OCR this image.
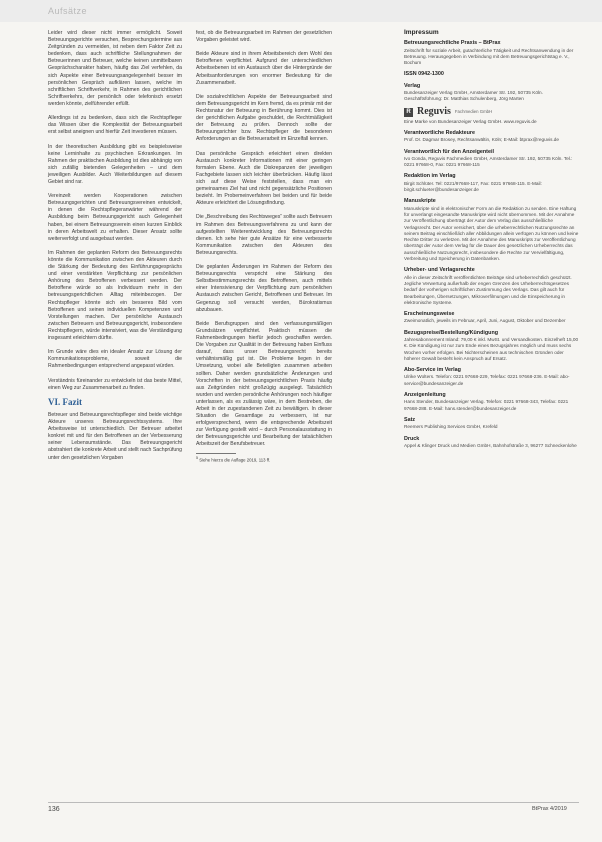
Aufsätze

Leider wird dieser nicht immer ermöglicht. Soweit Betreuungsgerichte versuchen, Besprechungstermine aus Zeitgründen zu vermeiden, ist neben dem Faktor Zeit zu bedenken, dass auch schriftliche Stellungnahmen der Betreuerinnen und Betreuer, welche keinen unmittelbaren Gesprächscharakter haben, häufig das Ziel verfehlen, da sich Aspekte einer Betreuungsangelegenheit besser im persönlichen Gespräch aufklären lassen, welche im schriftlichen Schriftverkehr, in Rahmen des gerichtlichen Schriftverkehrs, der persönlich oder telefonisch ersetzt werden könnte, zielführender erfüllt.

Allerdings ist zu bedenken, dass sich die Rechtspfleger das Wissen über die Komplexität der Betreuungsarbeit erst selbst aneignen und hierfür Zeit investieren müssen.

In der theoretischen Ausbildung gibt es beispielsweise keine Lerninhalte zu psychischen Erkrankungen. Im Rahmen der praktischen Ausbildung ist dies abhängig von sich zufällig bietenden Gelegenheiten – und dem jeweiligen Ausbilder. Auch Weiterbildungen auf diesem Gebiet sind rar.

Vereinzelt werden Kooperationen zwischen Betreuungsgerichten und Betreuungsvereinen entwickelt, in denen die Rechtspflegeranwärter während der Ausbildung beim Betreuungsgericht auch Gelegenheit haben, bei einem Betreuungsverein einen kurzen Einblick in deren Arbeitswelt zu erhalten. Dieser Ansatz sollte weiterverfolgt und ausgebaut werden.

Im Rahmen der geplanten Reform des Betreuungsrechts könnte die Kommunikation zwischen den Akteuren durch die Stärkung der Bedeutung des Einführungsgesprächs und einer verstärkten Verpflichtung zur persönlichen Anhörung des Betroffenen verbessert werden. Der Betroffene würde so als Individuum mehr in den betreuungsgerichtlichen Alltag miteinbezogen. Der Rechtspfleger könnte sich ein besseres Bild vom Betroffenen und seinen individuellen Kompetenzen und Vorstellungen machen. Der persönliche Austausch zwischen Betreuern und Betreuungsgericht, insbesondere Rechtspflegern, würde intensiviert, was die Verständigung insgesamt erleichtern dürfte.

Im Grunde wäre dies ein idealer Ansatz zur Lösung der Kommunikationsprobleme, soweit die Rahmenbedingungen entsprechend angepasst würden.

Verständnis füreinander zu entwickeln ist das beste Mittel, einen Weg zur Zusammenarbeit zu finden.

VI. Fazit

Betreuer und Betreuungsrechtspfleger sind beide wichtige Akteure unseres Betreuungsrechtssystems. Ihre Arbeitsweise ist unterschiedlich. Der Betreuer arbeitet konkret mit und für den Betroffenen an der Verbesserung seiner Lebensumstände. Das Betreuungsgericht abstrahiert die konkrete Arbeit und stellt nach Sachprüfung unter den gesetzlichen Vorgaben

fest, ob die Betreuungsarbeit im Rahmen der gesetzlichen Vorgaben geleistet wird.

Beide Akteure sind in ihrem Arbeitsbereich dem Wohl des Betroffenen verpflichtet. Aufgrund der unterschiedlichen Arbeitsebenen ist ein Austausch über die Hintergründe der Arbeitsanforderungen von enormer Bedeutung für die Zusammenarbeit.

Die sozialrechtlichen Aspekte der Betreuungsarbeit sind dem Betreuungsgericht im Kern fremd, da es primär mit der Rechtsnatur der Betreuung in Berührung kommt. Dies ist der gerichtlichen Aufgabe geschuldet, die Rechtmäßigkeit der Betreuung zu prüfen. Dennoch sollte der Betreuungsrichter bzw. Rechtspfleger die besonderen Anforderungen an die Betreuerarbeit im Einzelfall kennen.

Das persönliche Gespräch erleichtert einen direkten Austausch konkreter Informationen mit einer geringen formalen Ebene. Auch die Diskrepanzen der jeweiligen Fachgebiete lassen sich leichter überbrücken. Häufig lässt sich auf diese Weise feststellen, dass man ein gemeinsames Ziel hat und nicht gegensätzliche Positionen bezieht. Im Probemeinverfahren bei beiden und für beide Akteure erleichtert die Lösungsfindung.

Die „Beschreibung des Rechtsweges“ sollte auch Betreuern im Rahmen des Betreuungsverfahrens zu und kann der aufgestellten Weiterentwicklung des Betreuungsrechts dienen. Ich sehe hier gute Ansätze für eine verbesserte Kommunikation zwischen den Akteuren des Betreuungsrechts.

Die geplanten Änderungen im Rahmen der Reform des Betreuungsrechts verspricht eine Stärkung des Selbstbestimmungsrechts des Betroffenen, auch mittels einer Intensivierung der Verpflichtung zum persönlichen Austausch zwischen Gericht, Betroffenen und Betreuer. Im Gegenzug soll versucht werden, Bürokratismus abzubauen.

Beide Berufsgruppen sind den verfassungsmäßigen Grundsätzen verpflichtet. Praktisch müssen die Rahmenbedingungen hierfür jedoch geschaffen werden. Die Vorgaben zur Qualität in der Betreuung haben Einfluss darauf, dass unser Betreuungsrecht bereits verhältnismäßig gut ist. Die Probleme liegen in der Umsetzung, wobei alle Beteiligten zusammen arbeiten sollten. Daher werden grundsätzliche Änderungen und Vorschriften in der betreuungsgerichtlichen Praxis häufig aus Zeitgründen nicht großzügig ausgelegt. Tatsächlich wurden und werden persönliche Anhörungen noch häufiger unterlassen, als es zulässig wäre, in dem Bestreben, die Arbeit in der zugestandenen Zeit zu bewältigen. In dieser Situation die Gesamtlage zu verbessern, ist nur erfolgversprechend, wenn die entsprechende Arbeitszeit zur Verfügung gestellt wird – durch Personalausstattung in der Betreuungsgerichte und Bearbeitung der tatsächlichen Arbeitszeit der Berufsbetreuer.

$^5$ Siehe hierzu die Auflage 2019, 113 ff.
Impressum
Betreuungsrechtliche Praxis – BtPrax
Zeitschrift für soziale Arbeit, gutachterliche Tätigkeit und Rechtsanwendung in der Betreuung. Herausgegeben in Verbindung mit dem Betreuungsgerichtstag e. V., Bochum
ISSN 0942-1300
Verlag
Bundesanzeiger Verlag GmbH, Amsterdamer Str. 192, 50735 Köln. Geschäftsführung: Dr. Matthias Schulenberg, Jörg Marten
R Reguvis Fachmedien GmbH
Eine Marke von Bundesanzeiger Verlag GmbH. www.reguvis.de
Verantwortliche Redakteure
Prof. Dr. Dagmar Brosey, Rechtsanwältin, Köln; E-Mail: btprax@reguvis.de
Verantwortlich für den Anzeigenteil
Ivo Gonda, Reguvis Fachmedien GmbH, Amsterdamer Str. 192, 50735 Köln. Tel.: 0221 97668-0, Fax: 0221 97668-115
Redaktion im Verlag
Birgit Schlüter. Tel: 0221/97668-117, Fax: 0221 97668-115. E-Mail: birgit.schlueter@bundesanzeiger.de
Manuskripte
Manuskripte sind in elektronischer Form an die Redaktion zu senden. Eine Haftung für unverlangt eingesandte Manuskripte wird nicht übernommen. Mit der Annahme zur Veröffentlichung überträgt der Autor dem Verlag das ausschließliche Verlagsrecht. Der Autor versichert, über die urheberrechtlichen Nutzungsrechte an seinem Beitrag einschließlich aller Abbildungen allein verfügen zu können und keine Rechte Dritter zu verletzen. Mit der Annahme des Manuskripts zur Veröffentlichung überträgt der Autor dem Verlag für die Dauer des gesetzlichen Urheberrechts das ausschließliche Nutzungsrecht, insbesondere die Rechte zur Vervielfältigung, Verbreitung und Speicherung in Datenbanken.
Urheber- und Verlagsrechte
Alle in dieser Zeitschrift veröffentlichten Beiträge sind urheberrechtlich geschützt. Jegliche Verwertung außerhalb der engen Grenzen des Urheberrechtsgesetzes bedarf der vorherigen schriftlichen Zustimmung des Verlags. Das gilt auch für Bearbeitungen, Übersetzungen, Mikroverfilmungen und die Einspeicherung in elektronische Systeme.
Erscheinungsweise
Zweimonatlich, jeweils im Februar, April, Juni, August, Oktober und Dezember
Bezugspreise/Bestellung/Kündigung
Jahresabonnement Inland: 79,00 € inkl. MwSt. und Versandkosten. Einzelheft 15,00 €. Die Kündigung ist nur zum Ende eines Bezugsjahres möglich und muss sechs Wochen vorher erfolgen. Bei Nichterscheinen aus technischen Gründen oder höherer Gewalt besteht kein Anspruch auf Ersatz.
Abo-Service im Verlag
Ulrike Wolters. Telefon: 0221 97668-229, Telefax: 0221 97668-236. E-Mail: abo-service@bundesanzeiger.de
Anzeigenleitung
Hans Stender, Bundesanzeiger Verlag. Telefon: 0221 97668-343, Telefax: 0221 97668-288. E-Mail: hans.stender@bundesanzeiger.de
Satz
Reemers Publishing Services GmbH, Krefeld
Druck
Appel & Klinger Druck und Medien GmbH, Bahnhofstraße 3, 96277 Schneckenlohe
136	BtPrax 4/2019
